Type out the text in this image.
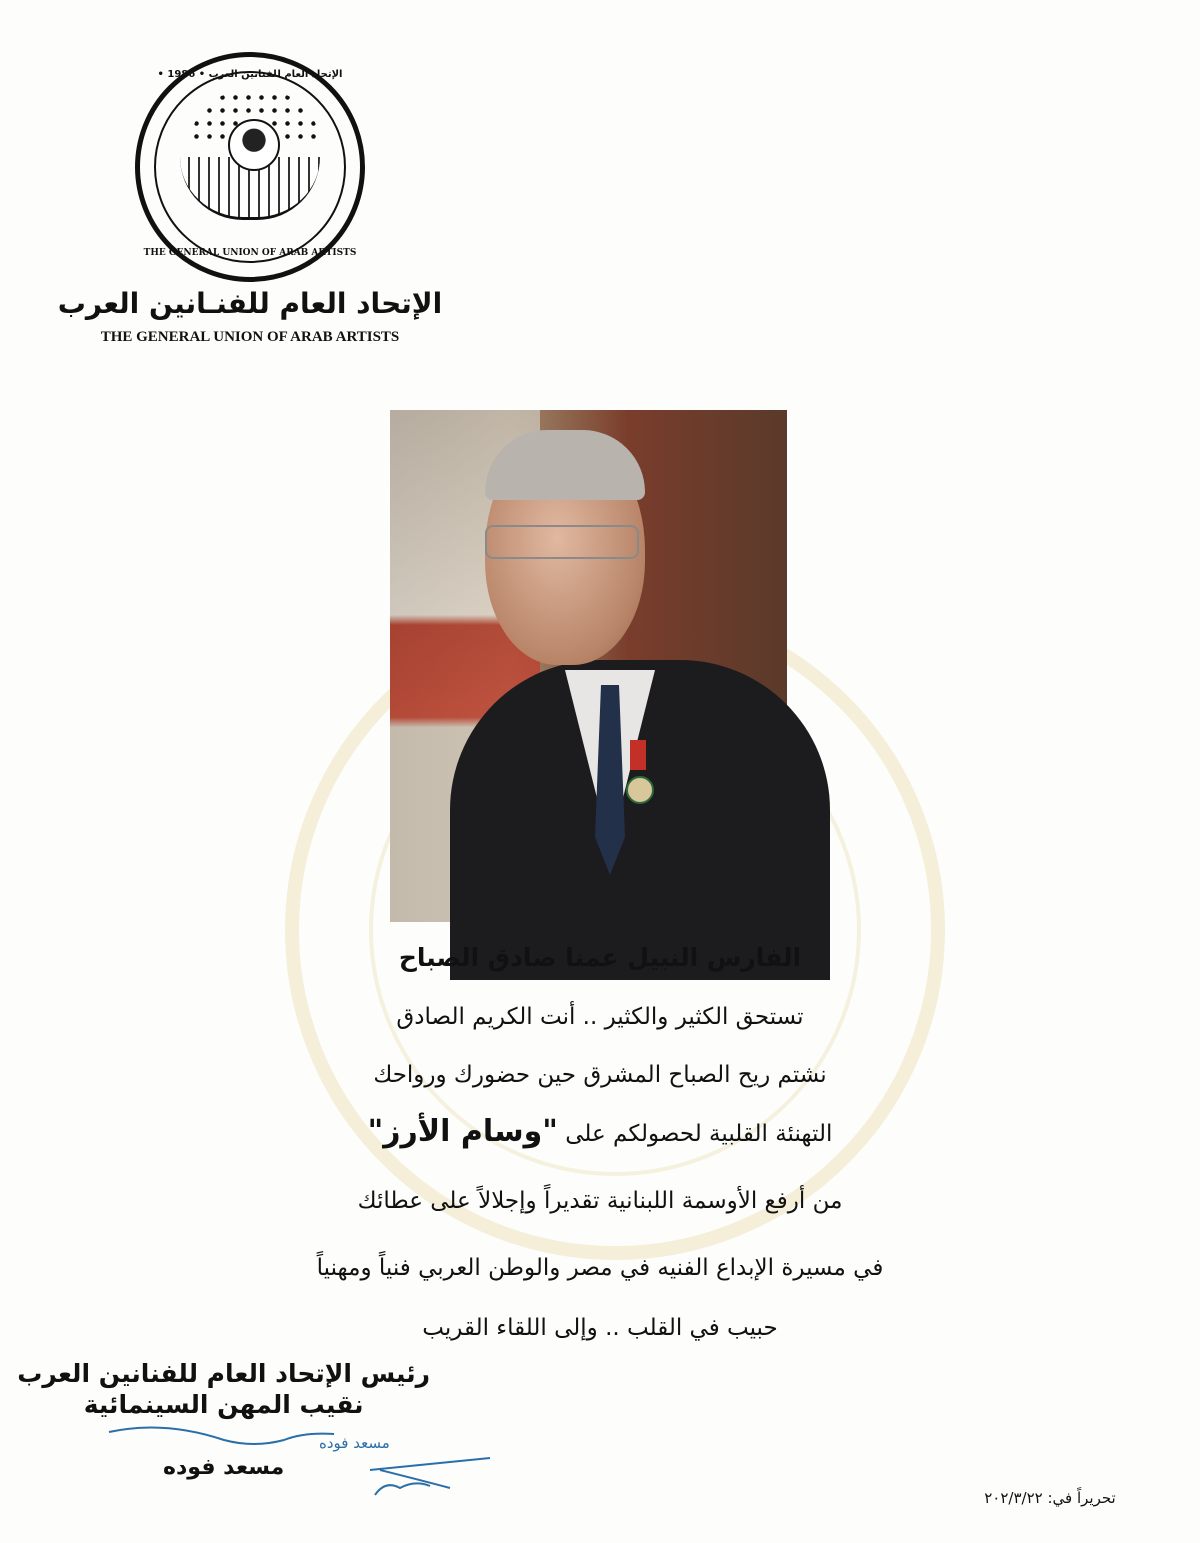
الإتحاد العام للفنانين العرب • 1986 •
THE GENERAL UNION OF ARAB ARTISTS
الإتحاد العام للفنـانين العرب
THE GENERAL UNION OF ARAB ARTISTS
الفارس النبيل عمنا صادق الصباح
تستحق الكثير والكثير .. أنت الكريم الصادق
نشتم ريح الصباح المشرق حين حضورك ورواحك
التهنئة القلبية لحصولكم على "وسام الأرز"
من أرفع الأوسمة اللبنانية تقديراً وإجلالاً على عطائك
في مسيرة الإبداع الفنيه في مصر والوطن العربي فنياً ومهنياً
حبيب في القلب .. وإلى اللقاء القريب
رئيس الإتحاد العام للفنانين العرب
نقيب المهن السينمائية
مسعد فوده
مسعد فوده
تحريراً في: ٢٠٢/٣/٢٢
